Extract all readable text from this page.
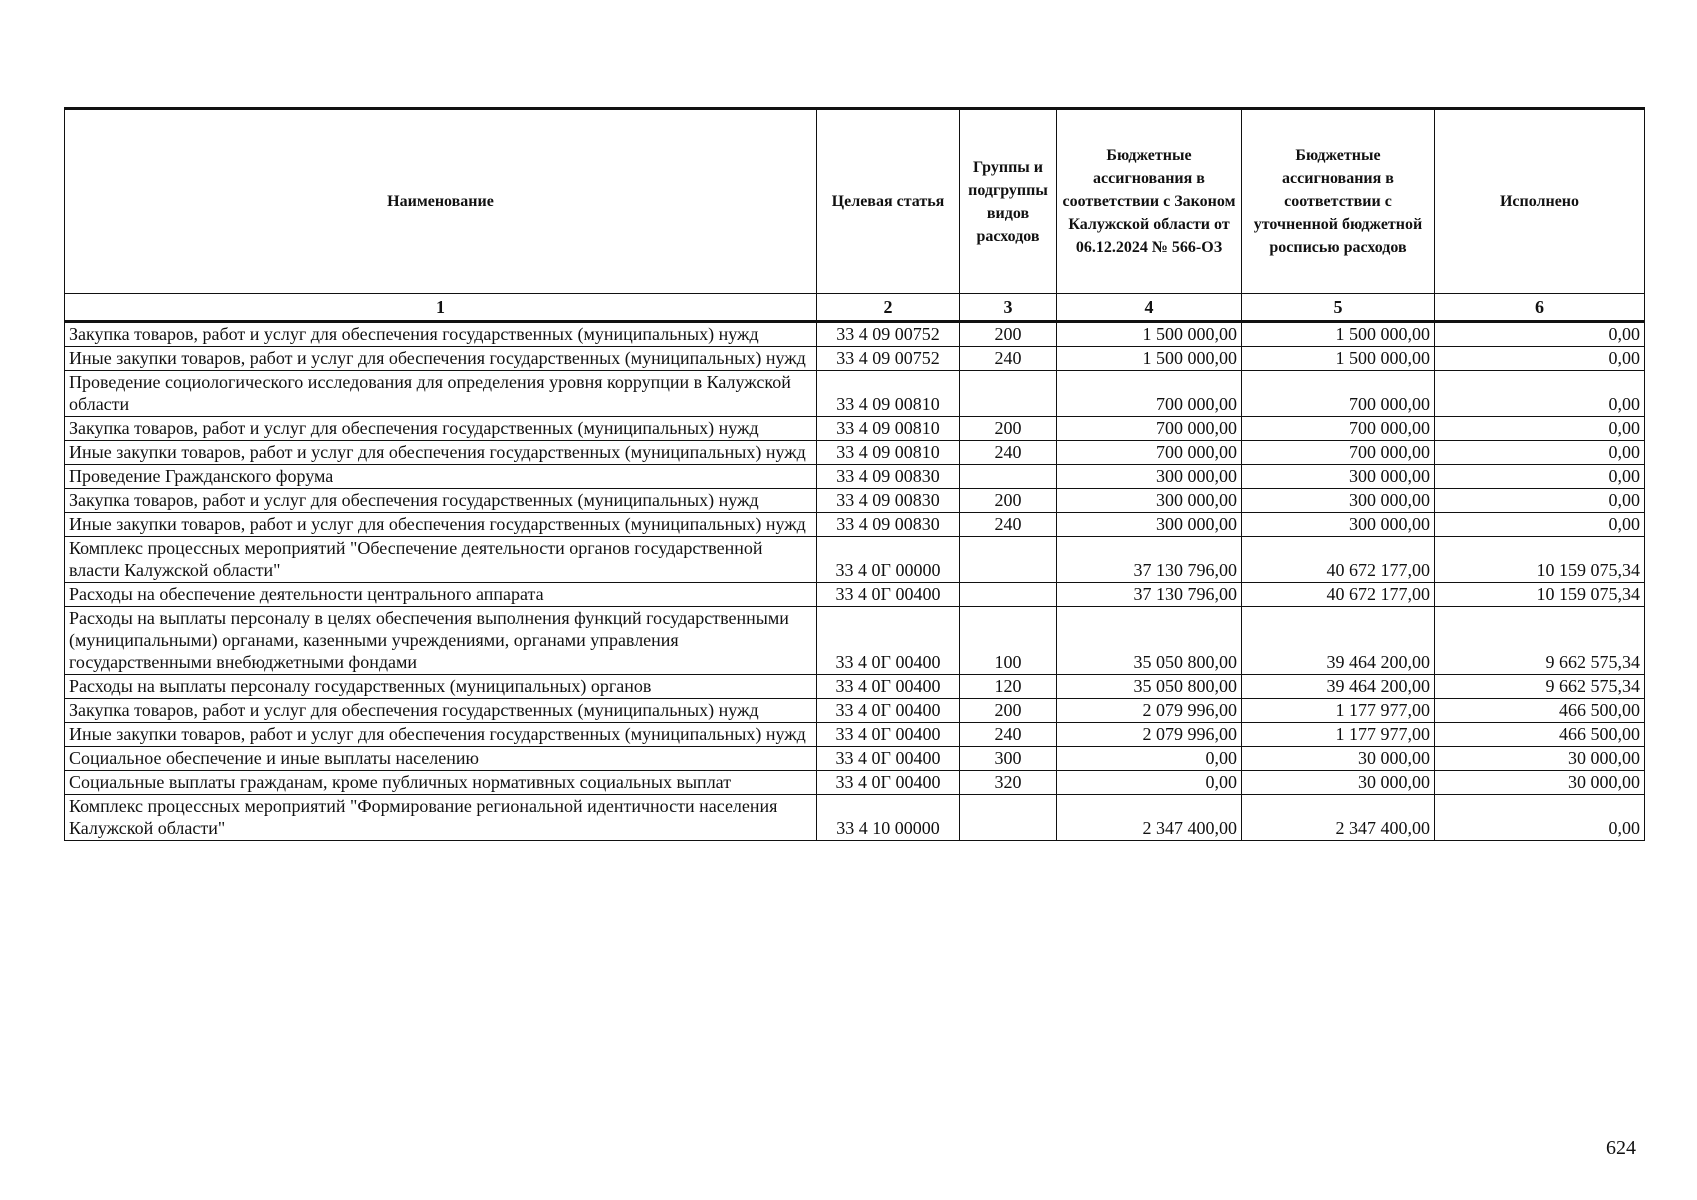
Наименование	Целевая статья	Группы и подгруппы видов расходов	Бюджетные ассигнования в соответствии с Законом Калужской области от 06.12.2024 № 566-ОЗ	Бюджетные ассигнования в соответствии с уточненной бюджетной росписью расходов	Исполнено
1	2	3	4	5	6
Закупка товаров, работ и услуг для обеспечения государственных (муниципальных) нужд	33 4 09 00752	200	1 500 000,00	1 500 000,00	0,00
Иные закупки товаров, работ и услуг для обеспечения государственных (муниципальных) нужд	33 4 09 00752	240	1 500 000,00	1 500 000,00	0,00
Проведение социологического исследования для определения уровня коррупции в Калужской области	33 4 09 00810		700 000,00	700 000,00	0,00
Закупка товаров, работ и услуг для обеспечения государственных (муниципальных) нужд	33 4 09 00810	200	700 000,00	700 000,00	0,00
Иные закупки товаров, работ и услуг для обеспечения государственных (муниципальных) нужд	33 4 09 00810	240	700 000,00	700 000,00	0,00
Проведение Гражданского форума	33 4 09 00830		300 000,00	300 000,00	0,00
Закупка товаров, работ и услуг для обеспечения государственных (муниципальных) нужд	33 4 09 00830	200	300 000,00	300 000,00	0,00
Иные закупки товаров, работ и услуг для обеспечения государственных (муниципальных) нужд	33 4 09 00830	240	300 000,00	300 000,00	0,00
Комплекс процессных мероприятий "Обеспечение деятельности органов государственной власти Калужской области"	33 4 0Г 00000		37 130 796,00	40 672 177,00	10 159 075,34
Расходы на обеспечение деятельности центрального аппарата	33 4 0Г 00400		37 130 796,00	40 672 177,00	10 159 075,34
Расходы на выплаты персоналу в целях обеспечения выполнения функций государственными (муниципальными) органами, казенными учреждениями, органами управления государственными внебюджетными фондами	33 4 0Г 00400	100	35 050 800,00	39 464 200,00	9 662 575,34
Расходы на выплаты персоналу государственных (муниципальных) органов	33 4 0Г 00400	120	35 050 800,00	39 464 200,00	9 662 575,34
Закупка товаров, работ и услуг для обеспечения государственных (муниципальных) нужд	33 4 0Г 00400	200	2 079 996,00	1 177 977,00	466 500,00
Иные закупки товаров, работ и услуг для обеспечения государственных (муниципальных) нужд	33 4 0Г 00400	240	2 079 996,00	1 177 977,00	466 500,00
Социальное обеспечение и иные выплаты населению	33 4 0Г 00400	300	0,00	30 000,00	30 000,00
Социальные выплаты гражданам, кроме публичных нормативных социальных выплат	33 4 0Г 00400	320	0,00	30 000,00	30 000,00
Комплекс процессных мероприятий "Формирование региональной идентичности населения Калужской области"	33 4 10 00000		2 347 400,00	2 347 400,00	0,00
624
